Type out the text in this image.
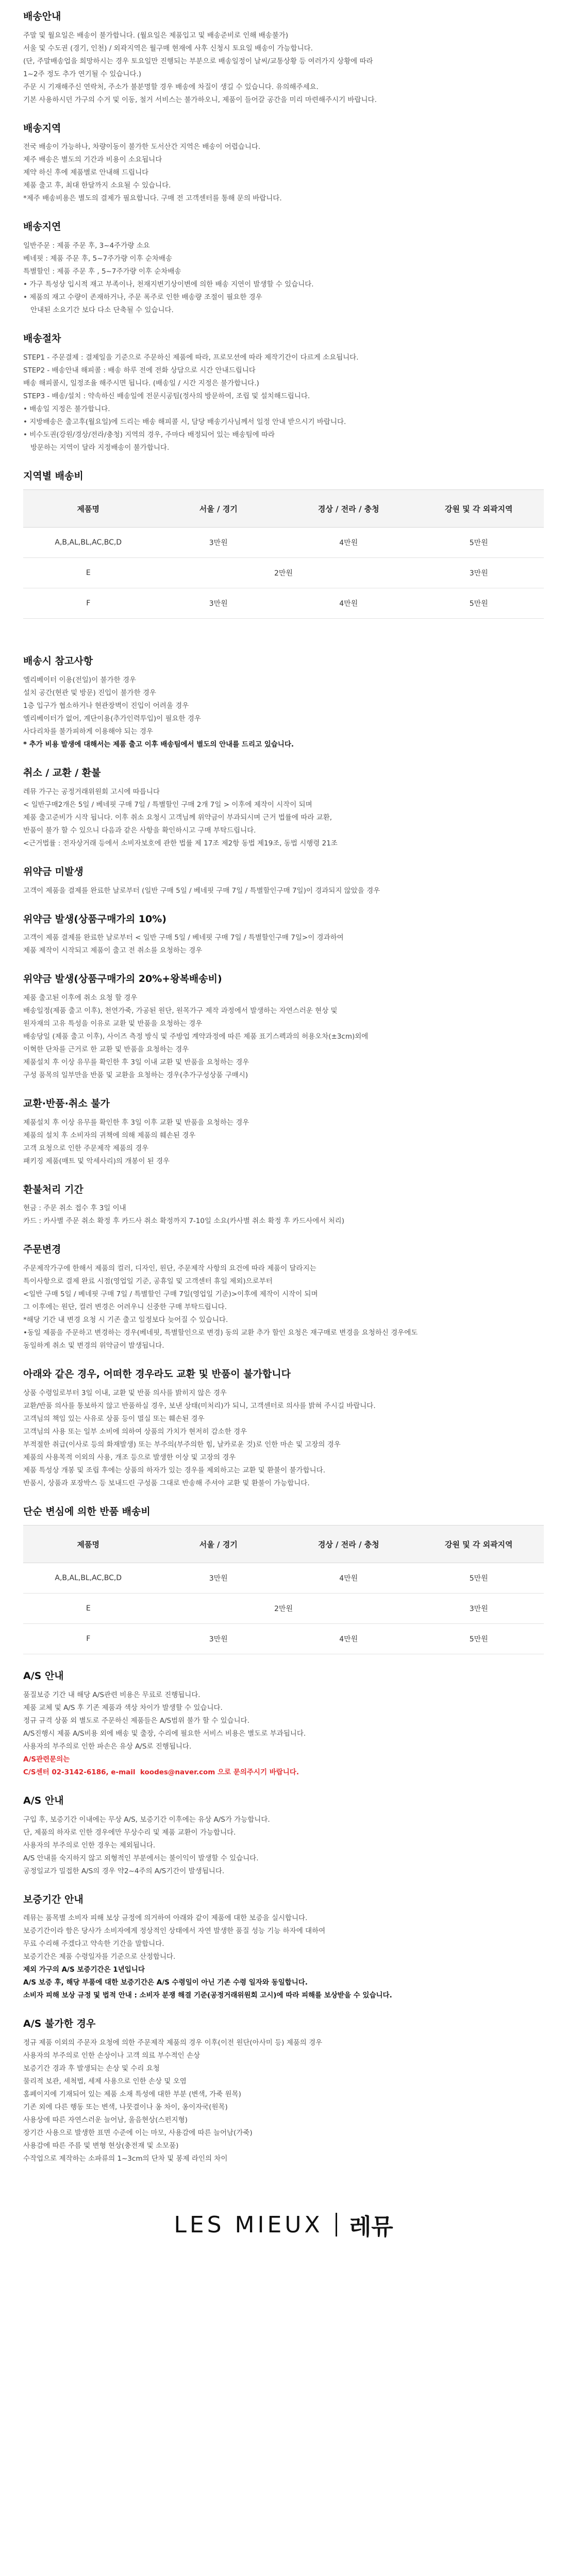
배송안내

주말 및 월요일은 배송이 불가합니다. (월요일은 제품입고 및 배송준비로 인해 배송불가)

서울 및 수도권 (경기, 인천) / 외곽지역은 월구매 현재에 사후 신청시 토요일 배송이 가능합니다.

(단, 주말배송업을 희망하시는 경우 토요일만 진행되는 부분으로 배송일정이 날씨/교통상황 등 여러가지 상황에 따라

1~2주 정도 추가 연기될 수 있습니다.)

주문 시 기재해주신 연락처, 주소가 불분명할 경우 배송에 차질이 생길 수 있습니다. 유의해주세요.

기본 사용하시던 가구의 수거 및 이동, 철거 서비스는 불가하오니, 제품이 들어갈 공간을 미리 마련해주시기 바랍니다.

배송지역

전국 배송이 가능하나, 차량이동이 불가한 도서산간 지역은 배송이 어렵습니다.

제주 배송은 별도의 기간과 비용이 소요됩니다

제약 하신 후에 제품별로 안내해 드립니다

제품 출고 후, 최대 한달까지 소요될 수 있습니다.

*제주 배송비용은 별도의 결제가 필요합니다. 구매 전 고객센터를 통해 문의 바랍니다.

배송지연

일반주문 : 제품 주문 후, 3~4주가량 소요

베네핏 : 제품 주문 후, 5~7주가량 이후 순차배송

특별할인 : 제품 주문 후 , 5~7주가량 이후 순차배송

• 가구 특성상 입시적 재고 부족이나, 천재지변기상이변에 의한 배송 지연이 발생할 수 있습니다.

• 제품의 재고 수량이 존재하거나, 주문 폭주로 인한 배송량 조절이 필요한 경우

안내된 소요기간 보다 다소 단축될 수 있습니다.

배송절차

STEP1 - 주문결제 : 결제일을 기준으로 주문하신 제품에 따라, 프로모션에 따라 제작기간이 다르게 소요됩니다.

STEP2 - 배송안내 해피콜 : 배송 하루 전에 전화 상담으로 시간 안내드립니다

배송 해피콜시, 일정조율 해주시면 됩니다. (배송일 / 시간 지정은 불가합니다.)

STEP3 - 배송/설치 : 약속하신 배송일에 전문시공팀(정사의 방문하여, 조립 및 설치해드립니다.

• 배송일 지정은 불가합니다.

• 지방배송은 출고후(월요일)에 드리는 배송 해피콜 시, 담당 배송기사님께서 일정 안내 받으시기 바랍니다.

• 비수도권(강원/경상/전라/충청) 지역의 경우, 주마다 배정되어 있는 배송팀에 따라

방문하는 지역이 달라 지정배송이 불가합니다.

지역별 배송비
제품명	서울 / 경기	경상 / 전라 / 충청	강원 및 각 외곽지역
A,B,AL,BL,AC,BC,D	3만원	4만원	5만원
E	2만원		3만원
F	3만원	4만원	5만원
배송시 참고사항

엘리베이터 이용(전일)이 불가한 경우

설치 공간(현관 및 방문) 진입이 불가한 경우

1층 입구가 협소하거나 현관장벽이 진입이 어려울 경우

엘리베이터가 없어, 계단이용(추가인력투입)이 필요한 경우

사다리차를 불가피하게 이용해야 되는 경우

* 추가 비용 발생에 대해서는 제품 출고 이후 배송팀에서 별도의 안내를 드리고 있습니다.

취소 / 교환 / 환불

레뮤 가구는 공정거래위원회 고시에 따릅니다

< 일반구매2개은 5일 / 베네핏 구매 7일 / 특별할인 구매 2개 7일 > 이후에 제작이 시작이 되며

제품 출고준비가 시작 됩니다. 이후 취소 요청시 고객님께 위약금이 부과되시며 근거 법률에 따라 교환,

반품이 불가 할 수 있으니 다음과 같은 사항을 확인하시고 구매 부탁드립니다.

<근거법률 : 전자상거래 등에서 소비자보호에 관한 법률 제 17조 제2항 동법 제19조, 동법 시행령 21조

위약금 미발생

고객이 제품을 결제를 완료한 날로부터 (일반 구매 5일 / 베네핏 구매 7일 / 특별할인구매 7일)이 경과되지 않았을 경우

위약금 발생(상품구매가의 10%)

고객이 제품 결제를 완료한 날로부터 < 일반 구매 5일 / 베네핏 구매 7일 / 특별할인구매 7일>이 경과하여

제품 제작이 시작되고 제품이 출고 전 취소를 요청하는 경우

위약금 발생(상품구매가의 20%+왕복배송비)

제품 출고된 이후에 취소 요청 할 경우

배송일정(제품 출고 이후), 천연가죽, 가공된 원단, 원목가구 제작 과정에서 발생하는 자연스러운 현상 및

원자재의 고유 특성을 이유로 교환 및 반품을 요청하는 경우

배송당일 (제품 출고 이후), 사이즈 측정 방식 및 주방업 계약과정에 따른 제품 표기스펙과의 허용오차(±3cm)외에

이혁한 단차를 근거로 한 교환 및 반품을 요청하는 경우

제품설치 후 이상 유무를 확인한 후 3일 이내 교환 및 반품을 요청하는 경우

구성 품목의 일부만을 반품 및 교환을 요청하는 경우(추가구성상품 구매시)

교환·반품·취소 불가

제품설치 후 이상 유무를 확인한 후 3일 이후 교환 및 반품을 요청하는 경우

제품의 설치 후 소비자의 귀책에 의해 제품의 훼손된 경우

고객 요청으로 인한 주문제작 제품의 경우

패키징 제품(매트 및 악세사리)의 개봉이 된 경우

환불처리 기간

현금 : 주문 취소 접수 후 3일 이내

카드 : 카사별 주문 취소 확정 후 카드사 취소 확정까지 7-10일 소요(카사별 취소 확정 후 카드사에서 처리)

주문변경

주문제작가구에 한해서 제품의 컬러, 디자인, 원단, 주문제작 사항의 요건에 따라 제품이 달라지는

특이사항으로 결제 완료 시점(영업일 기준, 공휴일 및 고객센터 휴일 제외)으로부터

<일반 구매 5일 / 베네핏 구매 7일 / 특별할인 구매 7일(영업일 기준)>이후에 제작이 시작이 되며

그 이후에는 원단, 컬러 변경은 어려우니 신중한 구매 부탁드립니다.

*해당 기간 내 변경 요청 시 기존 출고 일정보다 늦어질 수 있습니다.

•동일 제품을 주문하고 변경하는 경우(베네핏, 특별할인으로 변경) 동의 교환 추가 할인 요청은 재구매로 변경을 요청하신 경우에도

동일하게 취소 및 변경의 위약금이 발생됩니다.

아래와 같은 경우, 어떠한 경우라도 교환 및 반품이 불가합니다

상품 수령일로부터 3일 이내, 교환 및 반품 의사를 밝히지 않은 경우

교환/반품 의사를 통보하지 않고 반품하실 경우, 보낸 상태(미처리)가 되니, 고객센터로 의사를 밝혀 주시길 바랍니다.

고객님의 책임 있는 사유로 상품 등이 멸실 또는 훼손된 경우

고객님의 사용 또는 일부 소비에 의하여 상품의 가치가 현저히 감소한 경우

부적절한 취급(이사로 등의 화재발생) 또는 부주의(부주의한 힘, 날카로운 것)로 인한 마손 및 고장의 경우

제품의 사용목적 이외의 사용, 개조 등으로 발생한 이상 및 고장의 경우

제품 특성상 개봉 및 조립 후에는 상품의 하자가 있는 경우를 제외하고는 교환 및 환불이 불가합니다.

반품시, 상품과 포장박스 등 보내드린 구성품 그대로 반송해 주셔야 교환 및 환불이 가능합니다.

단순 변심에 의한 반품 배송비
제품명	서울 / 경기	경상 / 전라 / 충청	강원 및 각 외곽지역
A,B,AL,BL,AC,BC,D	3만원	4만원	5만원
E	2만원		3만원
F	3만원	4만원	5만원
A/S 안내

품질보증 기간 내 해당 A/S관련 비용은 무료로 진행됩니다.

제품 교체 및 A/S 후 기존 제품과 색상 차이가 발생할 수 있습니다.

정규 규격 상품 외 별도로 주문하신 제품들은 A/S범위 불가 할 수 있습니다.

A/S진행시 제품 A/S비용 외에 배송 및 출장, 수리에 필요한 서비스 비용은 별도로 부과됩니다.

사용자의 부주의로 인한 파손은 유상 A/S로 진행됩니다.

A/S관련문의는

C/S센터 02-3142-6186, e-mail  koodes@naver.com 으로 문의주시기 바랍니다.

A/S 안내

구입 후, 보증기간 이내에는 무상 A/S, 보증기간 이후에는 유상 A/S가 가능합니다.

단, 제품의 하자로 인한 경우에만 무상수리 및 제품 교환이 가능합니다.

사용자의 부주의로 인한 경우는 제외됩니다.

A/S 안내를 숙지하지 않고 외형적인 부분에서는 불이익이 발생할 수 있습니다.

공정일교가 밀접한 A/S의 경우 약2~4주의 A/S기간이 발생됩니다.

보증기간 안내

레뮤는 품목별 소비자 피해 보상 규정에 의거하여 아래와 같이 제품에 대한 보증을 실시합니다.

보증기간이라 함은 당사가 소비자에게 정상적인 상태에서 자연 발생한 품질 성능 기능 하자에 대하여

무료 수리해 주겠다고 약속한 기간을 말합니다.

보증기간은 제품 수령일자를 기준으로 산정합니다.

제외 가구의 A/S 보증기간은 1년입니다

A/S 보증 후, 해당 부품에 대한 보증기간은 A/S 수령일이 아닌 기존 수령 일자와 동일합니다.

소비자 피해 보상 규정 및 법적 안내 : 소비자 분쟁 해결 기준(공정거래위원회 고시)에 따라 피해를 보상받을 수 있습니다.

A/S 불가한 경우

정규 제품 이외의 주문자 요청에 의한 주문제작 제품의 경우 이후(이전 원단(아사미 등) 제품의 경우

사용자의 부주의로 인한 손상이나 고객 의료 부수적인 손상

보증기간 경과 후 발생되는 손상 및 수리 요청

물리적 보관, 세척법, 세제 사용으로 인한 손상 및 오염

홈페이지에 기재되어 있는 제품 소재 특성에 대한 부분 (변색, 가죽 원목)

기존 외에 다른 행동 또는 변색, 나뭇결이나 옹 차이, 옹이자국(원목)

사용상에 따른 자연스러운 늘어남, 울음현상(스펀지형)

장기간 사용으로 발생한 표면 수준에 이는 마모, 사용감에 따른 늘어남(가죽)

사용감에 따른 주름 및 변형 현상(충전재 및 소모품)

수작업으로 제작하는 소파류의 1~3cm의 단차 및 봉제 라인의 차이

LES MIEUX 레뮤
